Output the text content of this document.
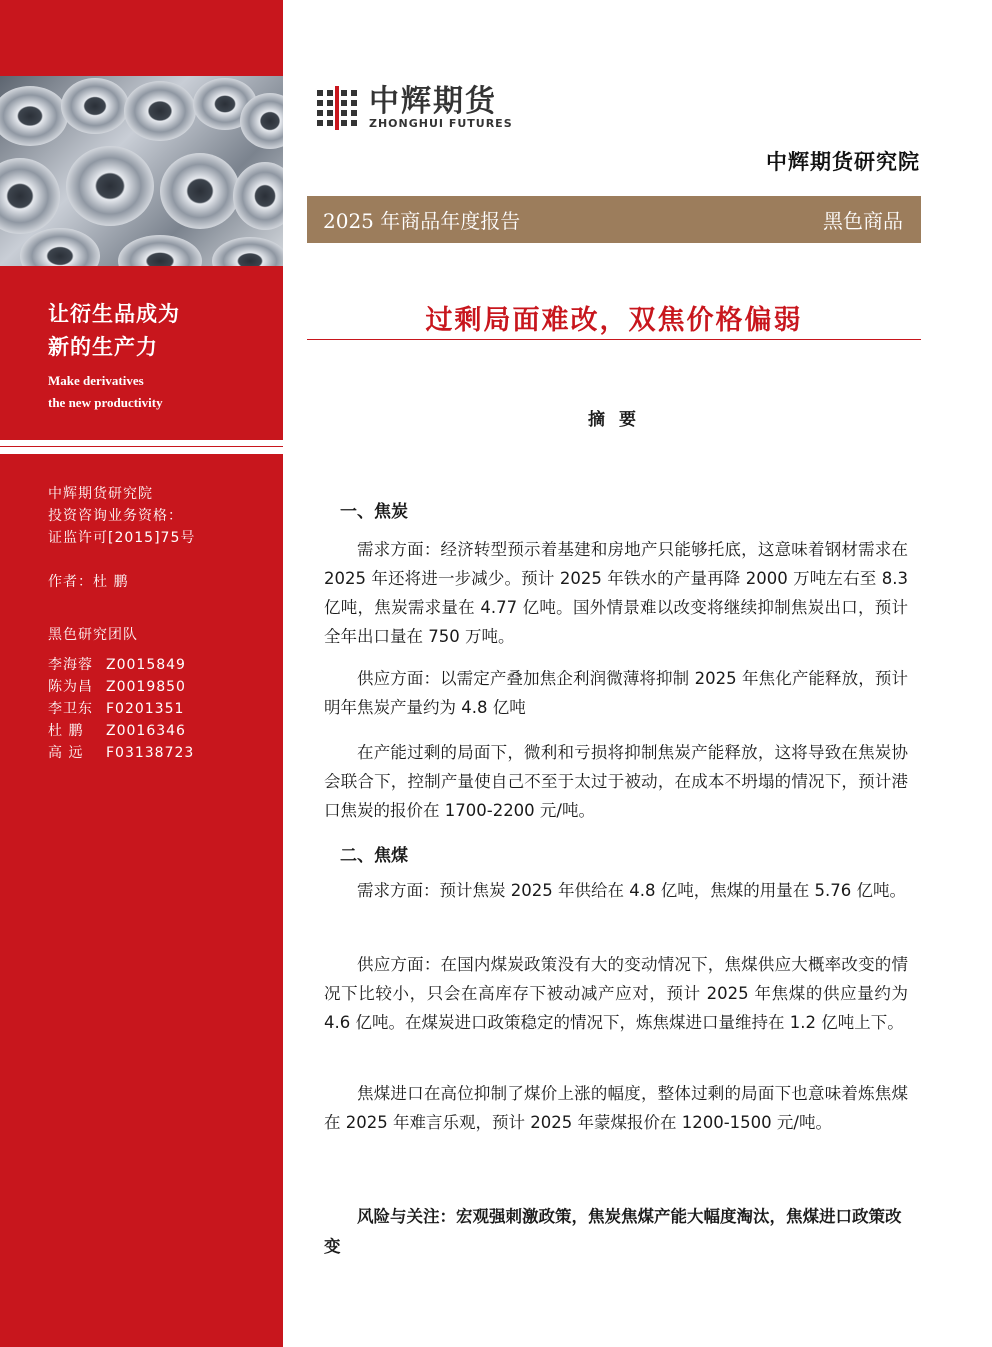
让衍生品成为
新的生产力
Make derivatives
the new productivity
中辉期货研究院
投资咨询业务资格：
证监许可[2015]75号
作者：杜 鹏
黑色研究团队
李海蓉 Z0015849
陈为昌 Z0019850
李卫东 F0201351
杜 鹏	Z0016346
高 远	F03138723
中辉期货
ZHONGHUI FUTURES
中辉期货研究院
2025 年商品年度报告	黑色商品
过剩局面难改，双焦价格偏弱
摘 要
一、焦炭

需求方面：经济转型预示着基建和房地产只能够托底，这意味着钢材需求在 2025 年还将进一步减少。预计 2025 年铁水的产量再降 2000 万吨左右至 8.3 亿吨，焦炭需求量在 4.77 亿吨。国外情景难以改变将继续抑制焦炭出口，预计全年出口量在 750 万吨。

供应方面：以需定产叠加焦企利润微薄将抑制 2025 年焦化产能释放，预计明年焦炭产量约为 4.8 亿吨

在产能过剩的局面下，微利和亏损将抑制焦炭产能释放，这将导致在焦炭协会联合下，控制产量使自己不至于太过于被动，在成本不坍塌的情况下，预计港口焦炭的报价在 1700-2200 元/吨。

二、焦煤

需求方面：预计焦炭 2025 年供给在 4.8 亿吨，焦煤的用量在 5.76 亿吨。

供应方面：在国内煤炭政策没有大的变动情况下，焦煤供应大概率改变的情况下比较小，只会在高库存下被动减产应对，预计 2025 年焦煤的供应量约为 4.6 亿吨。在煤炭进口政策稳定的情况下，炼焦煤进口量维持在 1.2 亿吨上下。

焦煤进口在高位抑制了煤价上涨的幅度，整体过剩的局面下也意味着炼焦煤在 2025 年难言乐观，预计 2025 年蒙煤报价在 1200-1500 元/吨。

风险与关注：宏观强刺激政策，焦炭焦煤产能大幅度淘汰，焦煤进口政策改变
